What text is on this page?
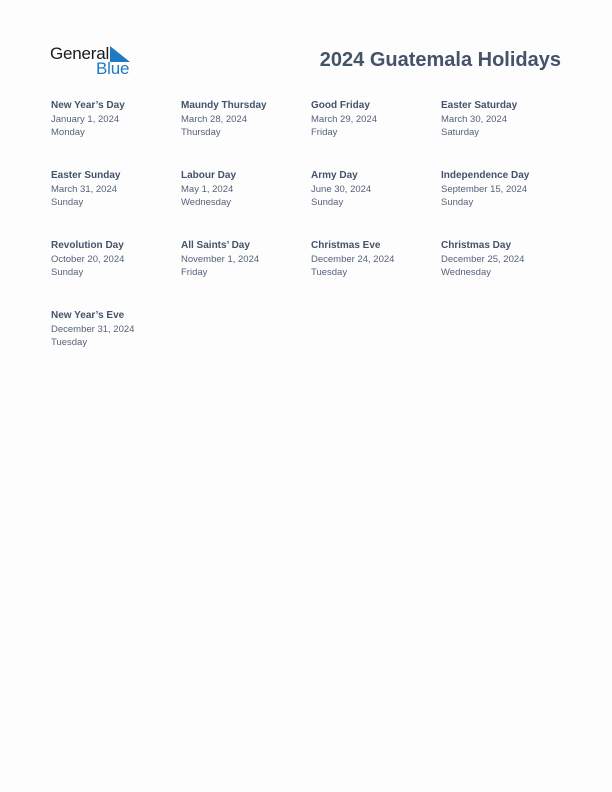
General
Blue	2024 Guatemala Holidays
New Year’s Day
January 1, 2024
Monday
Maundy Thursday
March 28, 2024
Thursday
Good Friday
March 29, 2024
Friday
Easter Saturday
March 30, 2024
Saturday
Easter Sunday
March 31, 2024
Sunday
Labour Day
May 1, 2024
Wednesday
Army Day
June 30, 2024
Sunday
Independence Day
September 15, 2024
Sunday
Revolution Day
October 20, 2024
Sunday
All Saints’ Day
November 1, 2024
Friday
Christmas Eve
December 24, 2024
Tuesday
Christmas Day
December 25, 2024
Wednesday
New Year’s Eve
December 31, 2024
Tuesday
